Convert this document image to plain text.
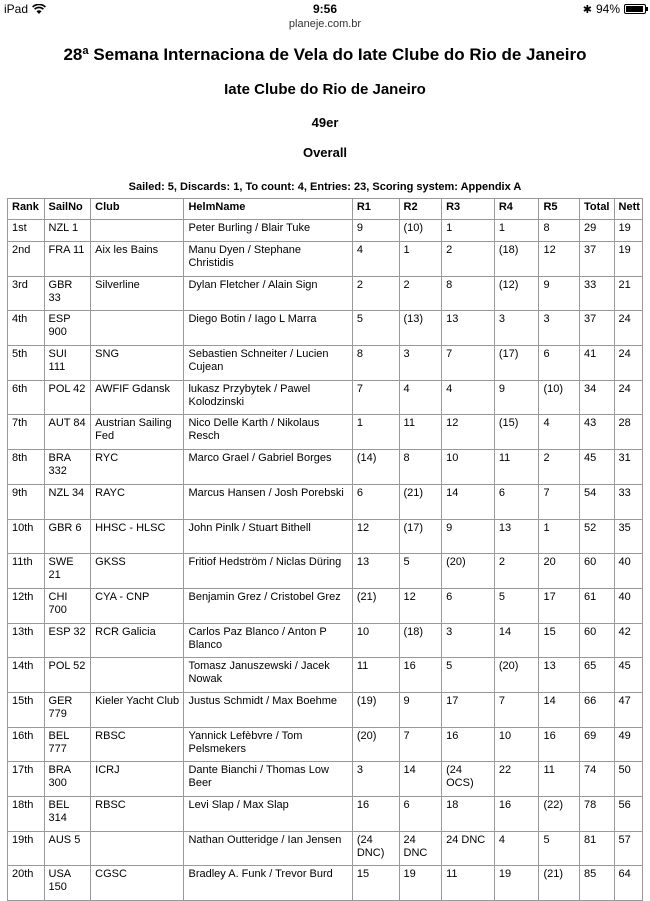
iPad	9:56	✱ 94%
planeje.com.br
28ª Semana Internaciona de Vela do Iate Clube do Rio de Janeiro
Iate Clube do Rio de Janeiro
49er
Overall
Sailed: 5, Discards: 1, To count: 4, Entries: 23, Scoring system: Appendix A
Rank	SailNo	Club	HelmName	R1	R2	R3	R4	R5	Total	Nett
1st	NZL 1		Peter Burling / Blair Tuke	9	(10)	1	1	8	29	19
2nd	FRA 11	Aix les Bains	Manu Dyen / Stephane Christidis	4	1	2	(18)	12	37	19
3rd	GBR 33	Silverline	Dylan Fletcher / Alain Sign	2	2	8	(12)	9	33	21
4th	ESP 900		Diego Botin / Iago L Marra	5	(13)	13	3	3	37	24
5th	SUI 111	SNG	Sebastien Schneiter / Lucien Cujean	8	3	7	(17)	6	41	24
6th	POL 42	AWFIF Gdansk	lukasz Przybytek / Pawel Kolodzinski	7	4	4	9	(10)	34	24
7th	AUT 84	Austrian Sailing Fed	Nico Delle Karth / Nikolaus Resch	1	11	12	(15)	4	43	28
8th	BRA 332	RYC	Marco Grael / Gabriel Borges	(14)	8	10	11	2	45	31
9th	NZL 34	RAYC	Marcus Hansen / Josh Porebski	6	(21)	14	6	7	54	33
10th	GBR 6	HHSC - HLSC	John Pinlk / Stuart Bithell	12	(17)	9	13	1	52	35
11th	SWE 21	GKSS	Fritiof Hedström / Niclas Düring	13	5	(20)	2	20	60	40
12th	CHI 700	CYA - CNP	Benjamin Grez / Cristobel Grez	(21)	12	6	5	17	61	40
13th	ESP 32	RCR Galicia	Carlos Paz Blanco / Anton P Blanco	10	(18)	3	14	15	60	42
14th	POL 52		Tomasz Januszewski / Jacek Nowak	11	16	5	(20)	13	65	45
15th	GER 779	Kieler Yacht Club	Justus Schmidt / Max Boehme	(19)	9	17	7	14	66	47
16th	BEL 777	RBSC	Yannick Lefèbvre / Tom Pelsmekers	(20)	7	16	10	16	69	49
17th	BRA 300	ICRJ	Dante Bianchi / Thomas Low Beer	3	14	(24 OCS)	22	11	74	50
18th	BEL 314	RBSC	Levi Slap / Max Slap	16	6	18	16	(22)	78	56
19th	AUS 5		Nathan Outteridge / Ian Jensen	(24 DNC)	24 DNC	24 DNC	4	5	81	57
20th	USA 150	CGSC	Bradley A. Funk / Trevor Burd	15	19	11	19	(21)	85	64
